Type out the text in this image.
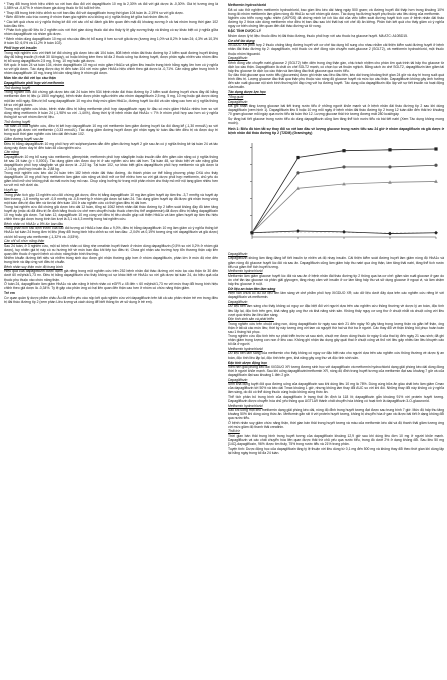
* Thay đổi trung bình hiệu chỉnh so với ban đầu đối với dapagliflozin 10 mg là 2,30% và đối với giả dược là -0,30%. Giá trị tương ứng là 1,58% và -0,67% ở nhóm tham gia dùng thuốc từ 54 tuổi trở lên.

* Thay đổi trung bình hiệu chỉnh so với ban đầu đối với dapagliflozin trong thời gian 104 tuần là -2,19% so với giả dược.

* Biến đổi trên cấu trúc xương ở nhóm tham gia nghiên cứu không có ý nghĩa thống kê giữa hai nhóm điều trị.

* Các kết quả chưa có ý nghĩa thống kê đối với các chỉ số đánh giá liên quan đến mật độ khoáng xương ở cả hai nhóm trong thời gian 102 tuần đầu tiên.

* Phân tích gộp dữ liệu từ 2 nghiên cứu với thời gian dùng thuốc dài cho thấy tỷ lệ gãy xương thấp và không có sự khác biệt có ý nghĩa giữa nhóm dapagliflozin và nhóm giả dược.

* Bệnh nhân dùng dapagliflozin 10 mg có nhu cầu điều trị bổ sung ít hơn so với giả dược (tương ứng 1,0% và 8,2% ở tuần 24; 4,3% và 10,3% ở tuần 52; 6,0% và 11,2% ở tuần 102).

Phối hợp với insulin

Trong một nghiên cứu với thiết kế đối chứng giả dược kéo dài 104 tuần, 808 bệnh nhân đái tháo đường típ 2 kiểm soát đường huyết không đầy đủ bằng insulin (ít nhất 30 IU/ngày), có hoặc không kèm theo tối đa 2 thuốc uống hạ đường huyết, được phân ngẫu nhiên vào nhóm điều trị bổ sung dapagliflozin 2,5 mg, 5 mg, 10 mg hoặc giả dược.

Kết quả: ở tuần 24 và tuần 104, nhóm dapagliflozin 10 mg có mức giảm HbA1c và giảm liều insulin trung bình hằng ngày lớn hơn có ý nghĩa so với giả dược. Tác dụng được duy trì đến tuần 104 với mức giảm HbA1c hiệu chỉnh theo giả dược là -0,71%. Cân nặng giảm trung bình ở nhóm dapagliflozin 10 mg, trong khi cân nặng tăng ở nhóm giả dược.

Mức tổn dư đối với lọc cầu thận

Dapagliflozin phối hợp với metformin

Thử đường huyết

Trong nghiên cứu đối chứng giả dược kéo dài 24 tuần trên 534 bệnh nhân đái tháo đường típ 2 kiểm soát đường huyết chưa đầy đủ bằng metformin đơn trị liệu (≥ 1500 mg/ngày), bệnh nhân được phân ngẫu nhiên vào nhóm dapagliflozin 2,5 mg, 5 mg, 10 mg hoặc giả dược dùng một lần mỗi ngày. Điều trị bổ sung dapagliflozin 10 mg cho thấy mức giảm HbA1c, đường huyết lúc đói và cân nặng cao hơn có ý nghĩa thống kê so với giả dược.

Trong một nghiên cứu khác, bệnh nhân điều trị bằng metformin phối hợp dapagliflozin ngay từ đầu có mức giảm HbA1c nhiều hơn so với dùng riêng metformin ở tuần 24 (-1,98% so với -1,44%), đồng thời tỷ lệ bệnh nhân đạt HbA1c < 7% ở nhóm phối hợp cao hơn có ý nghĩa thống kê so với nhóm đơn trị liệu.

Thử đường huyết

Tại tuần 24 của nghiên cứu, điều trị kết hợp dapagliflozin 10 mg với metformin làm giảm đường huyết lúc đói đáng kể (-1,30 mmol/L) so với kết hợp giả dược với metformin (-0,33 mmol/L). Tác dụng giảm đường huyết được ghi nhận ngay từ tuần đầu tiên điều trị và được duy trì trong suốt thời gian nghiên cứu kéo dài đến tuần 102.

Giảm đường huyết sau ăn

Điều trị bằng dapagliflozin 10 mg phối hợp với sulphonylurea dẫn đến giảm đường huyết 2 giờ sau ăn có ý nghĩa thống kê tại tuần 24 và tác dụng này được duy trì đến tuần 48 của nghiên cứu.

Cân nặng

Dapagliflozin 10 mg bổ sung vào metformin, glimepiride, metformin phối hợp sitagliptin hoặc insulin dẫn đến giảm cân nặng có ý nghĩa thống kê sau 24 tuần (p < 0,0001). Tác dụng giảm cân được duy trì ở các nghiên cứu kéo dài hơn. Tại tuần 48, sự khác biệt về cân nặng giữa dapagliflozin phối hợp sitagliptin và giả dược là -2,22 kg. Tại tuần 102, sự khác biệt giữa dapagliflozin phối hợp metformin và giả dược là -2,14 kg, phối hợp insulin là -2,88 kg.

Trong một nghiên cứu kéo dài 24 tuần trên 182 bệnh nhân đái tháo đường, đo thành phần cơ thể bằng phương pháp DXA cho thấy dapagliflozin 10 mg phối hợp metformin làm giảm cân nặng và khối mỡ cơ thể nhiều hơn so với giả dược phối hợp metformin, chủ yếu do giảm khối mỡ chứ không phải do mất nước hay mô nạc. Chụp cộng hưởng từ trong một phân nhóm cho thấy mô mỡ nội tạng giảm nhiều hơn so với mô mỡ dưới da.

Huyết áp

Trong phân tích gộp 13 nghiên cứu đối chứng giả dược, điều trị bằng dapagliflozin 10 mg làm giảm huyết áp tâm thu -3,7 mmHg và huyết áp tâm trương -1,8 mmHg so với -0,5 mmHg và -0,5 mmHg ở nhóm giả dược tại tuần 24. Tác dụng giảm huyết áp đã được ghi nhận trong vòng một tuần điều trị đầu tiên và tồn tại đến tuần 104 ở các nghiên cứu có thời gian điều trị dài hơn.

Trong hai nghiên cứu đối chứng giả dược kéo dài 12 tuần, tổng số 1062 bệnh nhân đái tháo đường típ 2 kiểm soát không đầy đủ kèm tăng huyết áp (mặc dù đã điều trị ổn định bằng thuốc ức chế men chuyển hoặc thuốc chẹn thụ thể angiotensin) đã được điều trị bằng dapagliflozin 10 mg hoặc giả dược. Tại tuần 12, dapagliflozin 10 mg cùng với điều trị tiêu chuẩn giúp cải thiện HbA1c và làm giảm huyết áp tâm thu hiệu chỉnh theo giả dược trung bình lần lượt là 3,1 và 4,3 mmHg trong hai nghiên cứu.

Bệnh nhân có HbA1c ≥ 9% lúc ban đầu

Trong phân tích xác định trước của các đối tượng có HbA1c ban đầu ≥ 9,0%, điều trị bằng dapagliflozin 10 mg làm giảm có ý nghĩa thống kê HbA1c tại tuần 24 trong đơn trị liệu (thay đổi trung bình hiệu chỉnh so với ban đầu: -2,04% và 0,19% tương ứng với dapagliflozin và giả dược) và khi bổ sung vào metformin (-1,32% và -0,53%).

Các chỉ số chức năng thận

Sau 24 tuần, ở 3 nghiên cứu, một số bệnh nhân có tăng nhẹ creatinin huyết thanh ở nhóm dùng dapagliflozin (0,5% so với 0,2% ở nhóm giả dược), tuy nhiên giá trị này có xu hướng trở về mức ban đầu khi tiếp tục điều trị. Chưa ghi nhận các trường hợp tổn thương thận cấp liên quan đến thuốc ở người bệnh có chức năng thận bình thường.

Nhiễm khuẩn đường tiết niệu và nhiễm trùng sinh dục được ghi nhận thường gặp hơn ở nhóm dapagliflozin, phần lớn ở mức độ nhẹ đến trung bình và đáp ứng với điều trị chuẩn.

Bệnh nhân suy thận mức độ trung bình

Hiệu quả của dapagliflozin được đánh giá riêng trong một nghiên cứu trên 252 bệnh nhân đái tháo đường với mức lọc cầu thận từ 30 đến dưới 60 ml/phút/1,73 m². Điều trị bằng dapagliflozin cho thấy không có sự khác biệt về HbA1c so với giả dược tại tuần 24, do hiệu quả của thuốc phụ thuộc vào chức năng thận.

Ở tuần 24, dapagliflozin làm giảm HbA1c và cân nặng ở bệnh nhân có eGFR ≥ 45 đến < 60 ml/phút/1,73 m² với mức thay đổi trung bình hiệu chỉnh theo giả dược là -0,34%. Tỷ lệ gặp các phản ứng có hại liên quan đến thận cao hơn ở nhóm có chức năng thận giảm.

Trẻ em

Cơ quan quản lý dược phẩm châu Âu đã miễn yêu cầu nộp kết quả nghiên cứu với dapagliflozin trên tất cả các phân nhóm trẻ em trong điều trị đái tháo đường típ 2 (xem phần Liều lượng và cách dùng để biết thông tin về sử dụng ở trẻ em).

Metformin hydrochlorid

Đã có các thử nghiệm metformin hydrochlorid, bao gồm liều kéo dài hàng ngày 500 gram; và đường huyết đói thấp hơn trong khoảng 10% trong đó nhóm metformin làm giảm nồng độ HbA1c so với nhóm giả dược. Tác dụng hạ đường huyết phụ thuộc vào liều dùng của metformin.

Nghiên cứu triển vọng ngẫu nhiên (UKPDS) đã chứng minh lợi ích lâu dài của việc kiểm soát đường huyết tích cực ở bệnh nhân đái tháo đường típ 2 thừa cân dùng metformin như điều trị ban đầu sau khi thất bại với chế độ ăn kiêng. Phân tích kết quả cho thấy giảm có ý nghĩa nguy cơ biến chứng liên quan đến đái tháo đường và tử vong.

ĐẶC TÍNH DƯỢC LÝ

Nhóm dược lý trị liệu: thuốc điều trị đái tháo đường, thuốc phối hợp với các thuốc hạ glucose huyết. Mã ATC: A10BD15.

Cơ chế tác dụng

XIGDUO XR phối hợp 2 thuốc chống tăng đường huyết với cơ chế tác dụng bổ sung cho nhau nhằm cải thiện kiểm soát đường huyết ở bệnh nhân đái tháo đường típ 2: dapagliflozin, một thuốc ức chế đồng vận chuyển natri-glucose 2 (SGLT2), và metformin hydrochlorid, một thuốc thuộc nhóm biguanid.

Dapagliflozin

Kênh đồng vận chuyển natri-glucose 2 (SGLT2) hiện diện trong ống thận gần, chịu trách nhiệm cho phần lớn quá trình tái hấp thu glucose từ dịch lọc cầu thận. Dapagliflozin là chất ức chế SGLT2 mạnh, có chọn lọc và thuận nghịch. Bằng cách ức chế SGLT2, dapagliflozin làm giảm tái hấp thu glucose từ dịch lọc cầu thận và làm tăng đào thải glucose qua nước tiểu.

Sự đào thải glucose qua nước tiểu (glucuresis) được ghi nhận sau liều đầu tiên, kéo dài trong khoảng thời gian 24 giờ và duy trì trong suốt quá trình điều trị. Lượng glucose đào thải qua thận phụ thuộc vào nồng độ glucose huyết và mức lọc cầu thận. Dapagliflozin không gây ảnh hưởng đến sản xuất glucose nội sinh bình thường khi đáp ứng với hạ đường huyết. Tác dụng của dapagliflozin độc lập với sự tiết insulin và hoạt động của insulin.

Tác dụng dược lực học

Tổng quát

Dapagliflozin

Đã ghi nhận tăng lượng glucose bài tiết trong nước tiểu ở những người khỏe mạnh và ở bệnh nhân đái tháo đường típ 2 sau khi dùng dapagliflozin (xem hình 1). Dapagliflozin liều 5 hoặc 10 mg mỗi ngày ở bệnh nhân đái tháo đường típ 2 trong 12 tuần dẫn đến thải trừ khoảng 70 gram glucose mỗi ngày qua nước tiểu tại tuần thứ 12. Lượng glucose thải trừ tương đương mất 280 kcal/ngày.

Sự tăng bài tiết glucose trong nước tiểu do dùng dapagliflozin cũng làm tăng thể tích nước tiểu và bài tiết natri (Xem Tác dụng không mong muốn).

Hình 1: Biểu đồ tóm tắt sự thay đổi so với ban đầu về lượng glucose trong nước tiểu sau 24 giờ ở nhóm dapagliflozin và giả dược ở bệnh nhân đái tháo đường típ 2 (T2DM) (Gram/ngày)

Dapagliflozin

Dapagliflozin không làm tăng đáng kể tiết insulin tự nhiên và độ nhạy insulin. Cải thiện kiểm soát đường huyết làm giảm nồng độ HbA1c và giảm nồng độ glucose huyết lúc đói và sau ăn. Dapagliflozin cũng làm giảm hấp thu natri qua ống thận, làm tăng thải natri, tăng thể tích nước tiểu và giảm thể tích huyết tương.

Metformin hydrochlorid

Metformin làm giảm glucose huyết lúc đói và sau ăn ở bệnh nhân đái tháo đường típ 2 thông qua ba cơ chế: giảm sản xuất glucose ở gan do ức chế tân tạo glucose và phân giải glycogen, tăng nhạy cảm với insulin ở cơ làm tăng hấp thu và sử dụng glucose ở ngoại vi, và làm chậm hấp thu glucose ở ruột.

Dữ liệu an toàn tiền lâm sàng

Hiện vẫn chưa có đủ dữ liệu tiền lâm sàng về chế phẩm phối hợp XIGDUO XR; các dữ liệu dưới đây dựa trên các nghiên cứu riêng lẻ với dapagliflozin và metformin.

Dapagliflozin

Dữ liệu tiền lâm sàng cho thấy không có nguy cơ đặc biệt đối với người dựa trên các nghiên cứu thông thường về dược lý an toàn, độc tính liều lặp lại, độc tính trên gen, khả năng gây ung thư và khả năng sinh sản. Không thấy nguy cơ ung thư ở chuột nhắt và chuột cống với liều vượt quá nhiều lần liều lâm sàng.

Độc tính sinh sản và phát triển

Trong nghiên cứu trên chuột cống non, dùng dapagliflozin từ ngày sau sinh 21 đến ngày 90 gây tăng trọng lượng thận và giãn bể thận, ống thận ở tất cả các mức liều; thời kỳ này tương ứng với tam cá nguyệt thứ hai và thứ ba ở người. Các thay đổi về thận không hồi phục hoàn toàn sau 1 tháng hồi phục.

Trong nghiên cứu độc tính trên sự phát triển trước và sau sinh, chuột mẹ được dùng thuốc từ ngày 6 của thai kỳ đến ngày 21 sau sinh; đã ghi nhận giảm trọng lượng con non ở liều cao. Không ghi nhận tác dụng gây quái thai ở chuột cống và thỏ với liều gấp nhiều lần liều khuyến cáo tối đa ở người.

Metformin hydrochlorid

Dữ liệu tiền lâm sàng của metformin cho thấy không có nguy cơ đặc biệt nào cho người dựa trên các nghiên cứu thông thường về dược lý an toàn, độc tính liều lặp lại, độc tính trên gen, khả năng gây ung thư và độc tính sinh sản.

Đặc tính dược động học

Viên nén giải phóng kéo dài XIGDUO XR tương đương sinh học với dapagliflozin và metformin hydrochlorid dạng giải phóng kéo dài dùng đồng thời ở người khỏe mạnh. Sau khi uống dapagliflozin/metformin XR, nồng độ đỉnh trong huyết tương của metformin đạt sau khoảng 7 giờ và của dapagliflozin đạt sau khoảng 1 đến 2 giờ.

Dapagliflozin

Sinh khả dụng tuyệt đối qua đường uống của dapagliflozin sau khi dùng liều 10 mg là 78%. Dùng cùng bữa ăn giàu chất béo làm giảm Cmax của dapagliflozin tới 50% và kéo dài Tmax khoảng 1 giờ, nhưng không làm thay đổi AUC so với khi đói. Những thay đổi này không có ý nghĩa lâm sàng, do đó có thể dùng thuốc cùng hoặc không cùng thức ăn.

Thể tích phân bố trung bình của dapagliflozin ở trạng thái ổn định là 118 lít; dapagliflozin gắn khoảng 91% với protein huyết tương. Dapagliflozin được chuyển hóa chủ yếu thông qua UGT1A9 thành chất chuyển hóa không có hoạt tính là dapagliflozin 3-O-glucuronid.

Metformin hydrochlorid

Sau khi uống một liều metformin dạng giải phóng kéo dài, nồng độ đỉnh trong huyết tương đạt được sau trung bình 7 giờ. Mức độ hấp thu tăng khoảng 50% khi dùng cùng thức ăn. Metformin gắn rất ít với protein huyết tương, không bị chuyển hóa ở gan và được bài tiết ở dạng không đổi qua nước tiểu.

Ở bệnh nhân suy giảm chức năng thận, thời gian bán thải trong huyết tương và máu của metformin kéo dài và độ thanh thải giảm tương ứng với mức giảm độ thanh thải creatinin.

Thải trừ

Thời gian bán thải trung bình trong huyết tương của dapagliflozin khoảng 12,9 giờ sau khi dùng liều đơn 10 mg ở người khỏe mạnh. Dapagliflozin và các chất chuyển hóa liên quan được thải trừ chủ yếu qua nước tiểu, trong đó dưới 2% ở dạng không đổi. Sau liều 50 mg [14C]-dapagliflozin, 96% được tìm thấy, 75% trong nước tiểu và 21% trong phân.

Tuyến tính: Dược động học của dapagliflozin tăng tỷ lệ thuận với liều dùng từ 0,1 mg đến 500 mg và không thay đổi theo thời gian khi dùng lặp lại hằng ngày trong tối đa 24 tuần.
